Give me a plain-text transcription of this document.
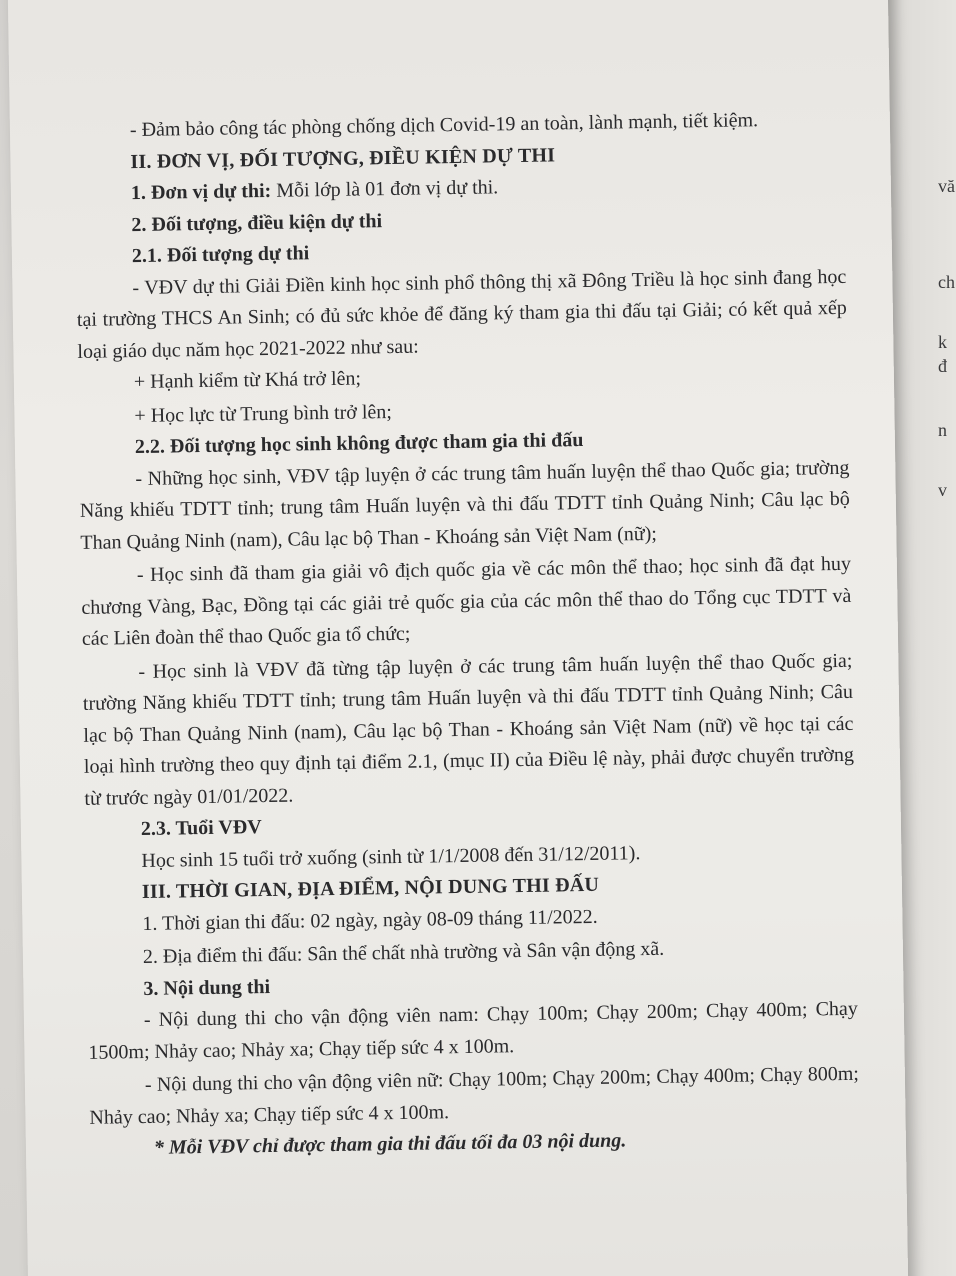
vă
ch
k
đ
n
v

- Đảm bảo công tác phòng chống dịch Covid-19 an toàn, lành mạnh, tiết kiệm.

II. ĐƠN VỊ, ĐỐI TƯỢNG, ĐIỀU KIỆN DỰ THI

1. Đơn vị dự thi: Mỗi lớp là 01 đơn vị dự thi.

2. Đối tượng, điều kiện dự thi

2.1. Đối tượng dự thi

- VĐV dự thi Giải Điền kinh học sinh phổ thông thị xã Đông Triều là học sinh đang học tại trường THCS An Sinh; có đủ sức khỏe để đăng ký tham gia thi đấu tại Giải; có kết quả xếp loại giáo dục năm học 2021-2022 như sau:

+ Hạnh kiểm từ Khá trở lên;

+ Học lực từ Trung bình trở lên;

2.2. Đối tượng học sinh không được tham gia thi đấu

- Những học sinh, VĐV tập luyện ở các trung tâm huấn luyện thể thao Quốc gia; trường Năng khiếu TDTT tỉnh; trung tâm Huấn luyện và thi đấu TDTT tỉnh Quảng Ninh; Câu lạc bộ Than Quảng Ninh (nam), Câu lạc bộ Than - Khoáng sản Việt Nam (nữ);

- Học sinh đã tham gia giải vô địch quốc gia về các môn thể thao; học sinh đã đạt huy chương Vàng, Bạc, Đồng tại các giải trẻ quốc gia của các môn thể thao do Tổng cục TDTT và các Liên đoàn thể thao Quốc gia tổ chức;

- Học sinh là VĐV đã từng tập luyện ở các trung tâm huấn luyện thể thao Quốc gia; trường Năng khiếu TDTT tỉnh; trung tâm Huấn luyện và thi đấu TDTT tỉnh Quảng Ninh; Câu lạc bộ Than Quảng Ninh (nam), Câu lạc bộ Than - Khoáng sản Việt Nam (nữ) về học tại các loại hình trường theo quy định tại điểm 2.1, (mục II) của Điều lệ này, phải được chuyển trường từ trước ngày 01/01/2022.

2.3. Tuổi VĐV

Học sinh 15 tuổi trở xuống (sinh từ 1/1/2008 đến 31/12/2011).

III. THỜI GIAN, ĐỊA ĐIỂM, NỘI DUNG THI ĐẤU

1. Thời gian thi đấu: 02 ngày, ngày 08-09 tháng 11/2022.

2. Địa điểm thi đấu: Sân thể chất nhà trường và Sân vận động xã.

3. Nội dung thi

- Nội dung thi cho vận động viên nam: Chạy 100m; Chạy 200m; Chạy 400m; Chạy 1500m; Nhảy cao; Nhảy xa; Chạy tiếp sức 4 x 100m.

- Nội dung thi cho vận động viên nữ: Chạy 100m; Chạy 200m; Chạy 400m; Chạy 800m; Nhảy cao; Nhảy xa; Chạy tiếp sức 4 x 100m.

* Mỗi VĐV chỉ được tham gia thi đấu tối đa 03 nội dung.
